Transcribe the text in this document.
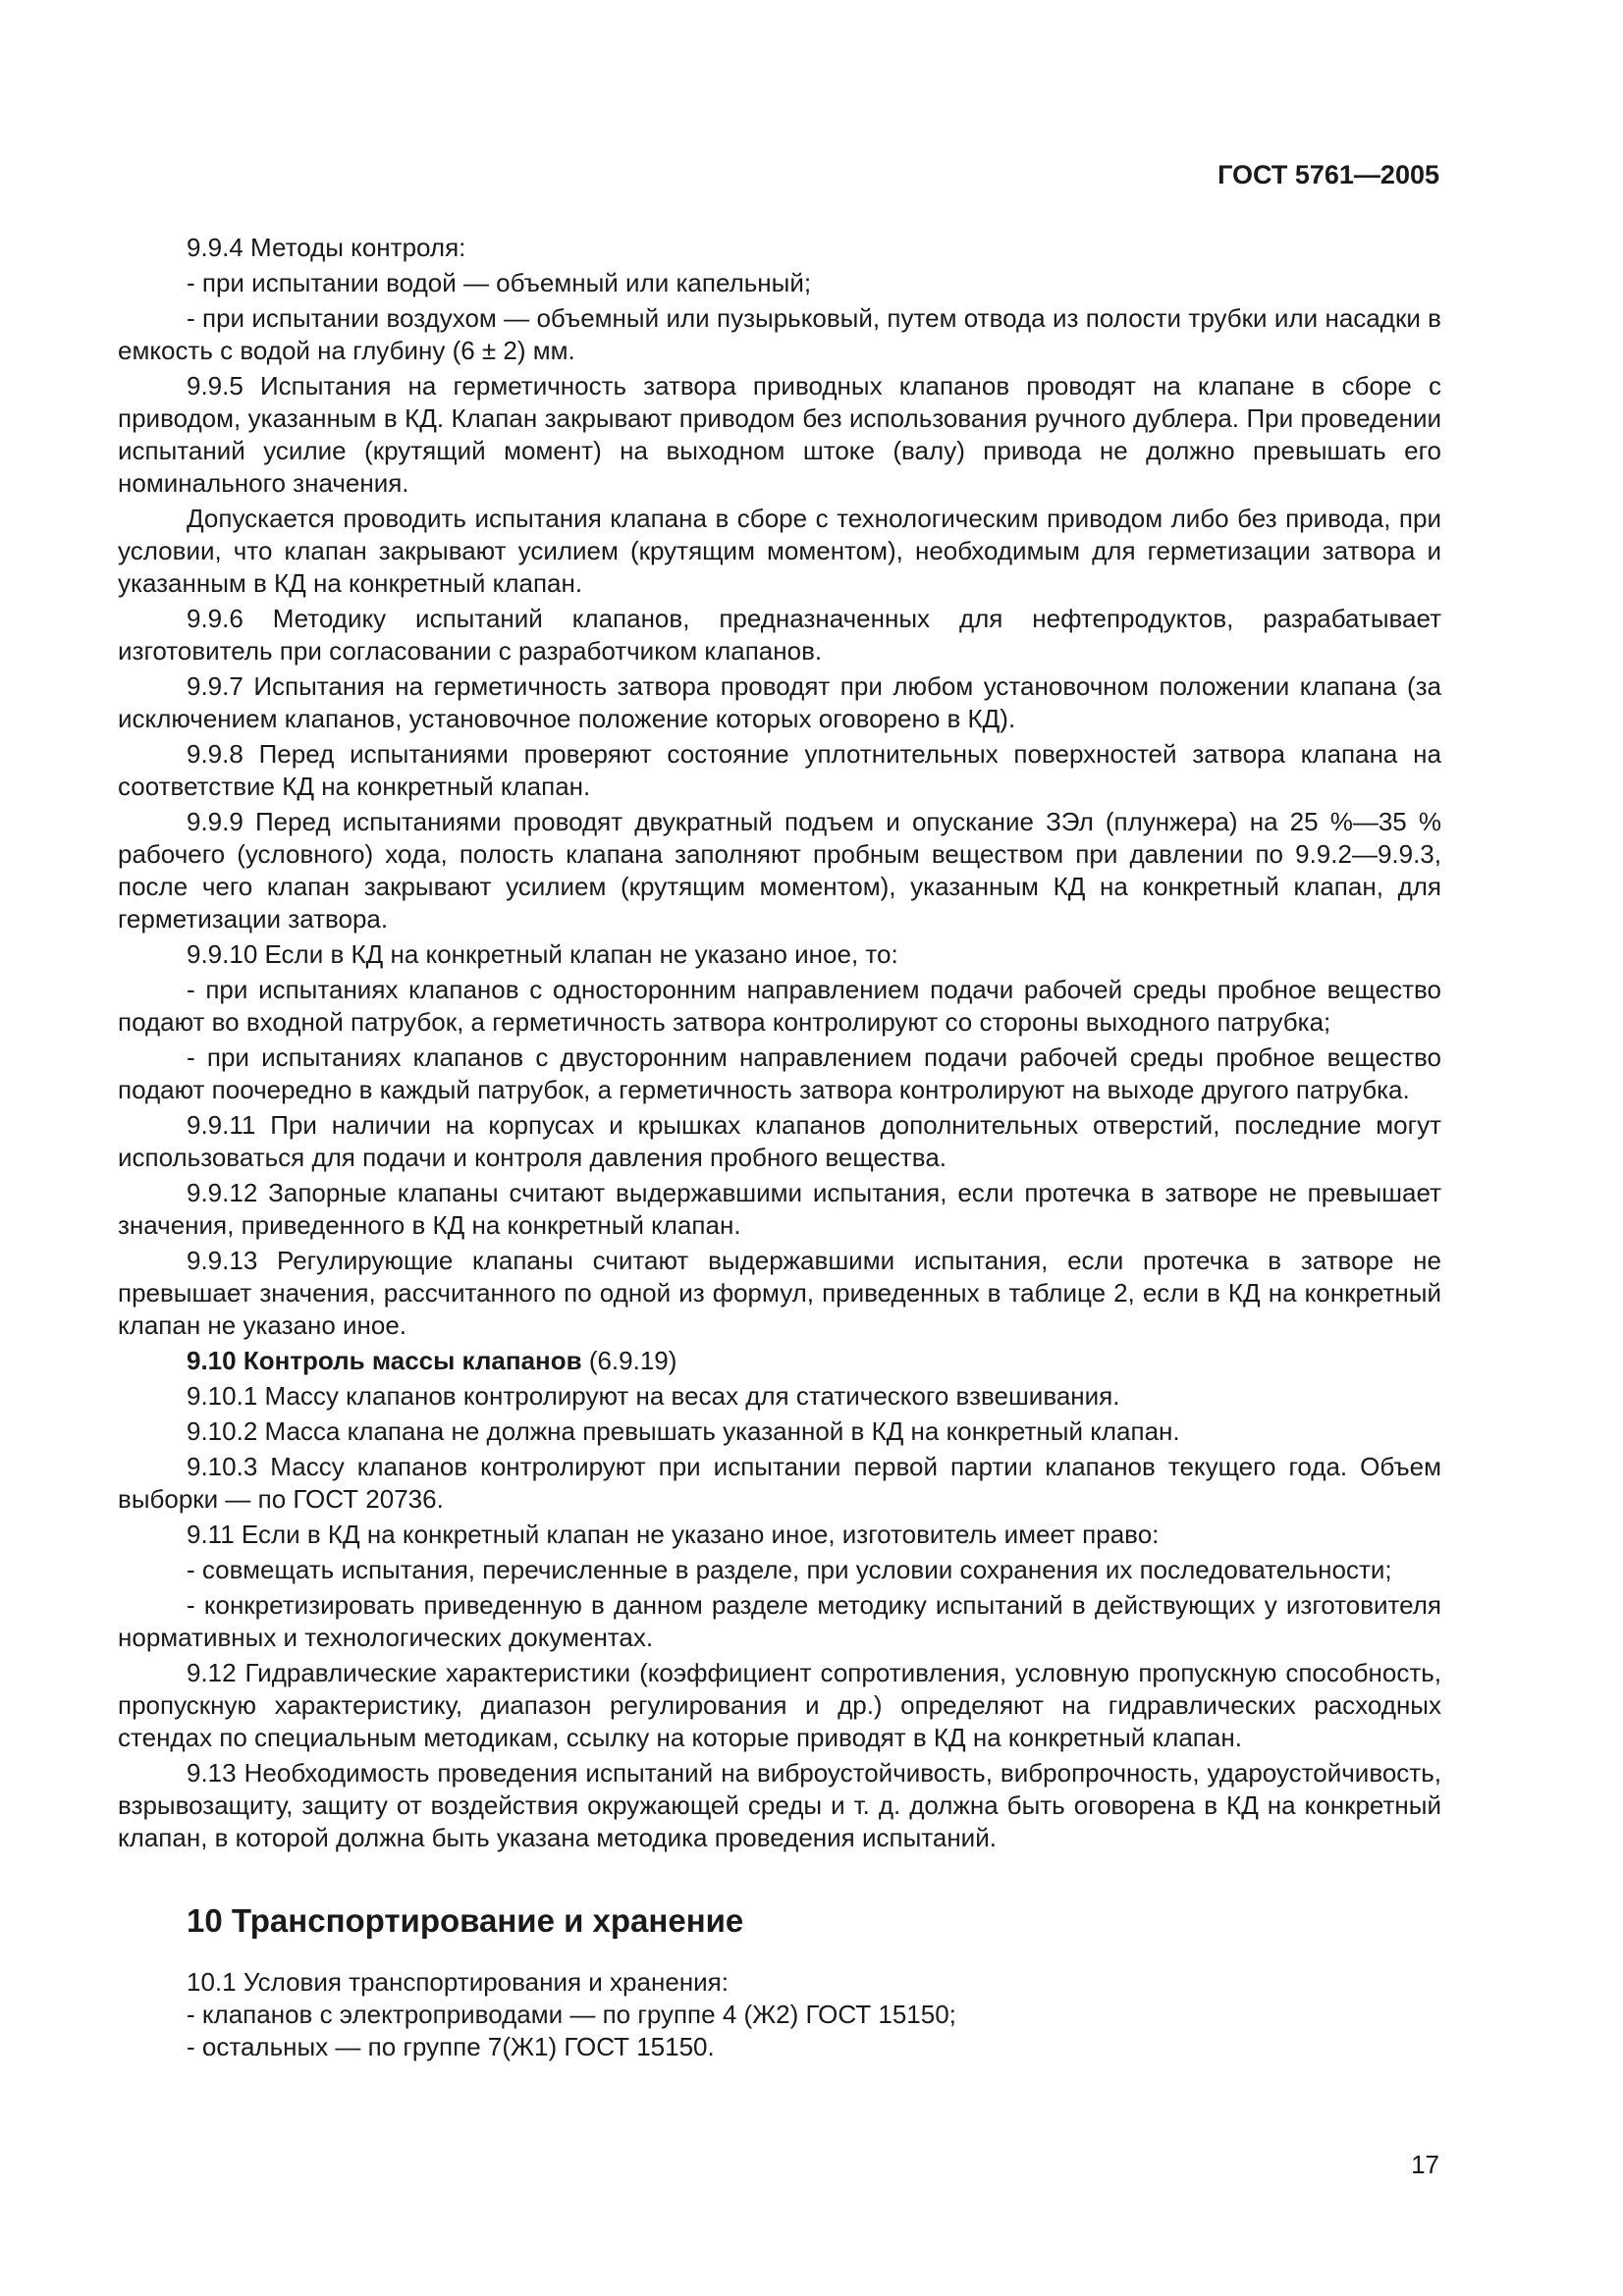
ГОСТ 5761—2005

9.9.4 Методы контроля:

- при испытании водой — объемный или капельный;

- при испытании воздухом — объемный или пузырьковый, путем отвода из полости трубки или насадки в емкость с водой на глубину (6 ± 2) мм.

9.9.5 Испытания на герметичность затвора приводных клапанов проводят на клапане в сборе с приводом, указанным в КД. Клапан закрывают приводом без использования ручного дублера. При проведении испытаний усилие (крутящий момент) на выходном штоке (валу) привода не должно превышать его номинального значения.

Допускается проводить испытания клапана в сборе с технологическим приводом либо без привода, при условии, что клапан закрывают усилием (крутящим моментом), необходимым для герметизации затвора и указанным в КД на конкретный клапан.

9.9.6 Методику испытаний клапанов, предназначенных для нефтепродуктов, разрабатывает изготовитель при согласовании с разработчиком клапанов.

9.9.7 Испытания на герметичность затвора проводят при любом установочном положении клапана (за исключением клапанов, установочное положение которых оговорено в КД).

9.9.8 Перед испытаниями проверяют состояние уплотнительных поверхностей затвора клапана на соответствие КД на конкретный клапан.

9.9.9 Перед испытаниями проводят двукратный подъем и опускание ЗЭл (плунжера) на 25 %—35 % рабочего (условного) хода, полость клапана заполняют пробным веществом при давлении по 9.9.2—9.9.3, после чего клапан закрывают усилием (крутящим моментом), указанным КД на конкретный клапан, для герметизации затвора.

9.9.10 Если в КД на конкретный клапан не указано иное, то:

- при испытаниях клапанов с односторонним направлением подачи рабочей среды пробное вещество подают во входной патрубок, а герметичность затвора контролируют со стороны выходного патрубка;

- при испытаниях клапанов с двусторонним направлением подачи рабочей среды пробное вещество подают поочередно в каждый патрубок, а герметичность затвора контролируют на выходе другого патрубка.

9.9.11 При наличии на корпусах и крышках клапанов дополнительных отверстий, последние могут использоваться для подачи и контроля давления пробного вещества.

9.9.12 Запорные клапаны считают выдержавшими испытания, если протечка в затворе не превышает значения, приведенного в КД на конкретный клапан.

9.9.13 Регулирующие клапаны считают выдержавшими испытания, если протечка в затворе не превышает значения, рассчитанного по одной из формул, приведенных в таблице 2, если в КД на конкретный клапан не указано иное.

9.10 Контроль массы клапанов (6.9.19)

9.10.1 Массу клапанов контролируют на весах для статического взвешивания.

9.10.2 Масса клапана не должна превышать указанной в КД на конкретный клапан.

9.10.3 Массу клапанов контролируют при испытании первой партии клапанов текущего года. Объем выборки — по ГОСТ 20736.

9.11 Если в КД на конкретный клапан не указано иное, изготовитель имеет право:

- совмещать испытания, перечисленные в разделе, при условии сохранения их последовательности;

- конкретизировать приведенную в данном разделе методику испытаний в действующих у изготовителя нормативных и технологических документах.

9.12 Гидравлические характеристики (коэффициент сопротивления, условную пропускную способность, пропускную характеристику, диапазон регулирования и др.) определяют на гидравлических расходных стендах по специальным методикам, ссылку на которые приводят в КД на конкретный клапан.

9.13 Необходимость проведения испытаний на виброустойчивость, вибропрочность, удароустойчивость, взрывозащиту, защиту от воздействия окружающей среды и т. д. должна быть оговорена в КД на конкретный клапан, в которой должна быть указана методика проведения испытаний.

10 Транспортирование и хранение

10.1 Условия транспортирования и хранения:

- клапанов с электроприводами — по группе 4 (Ж2) ГОСТ 15150;

- остальных — по группе 7(Ж1) ГОСТ 15150.

17
